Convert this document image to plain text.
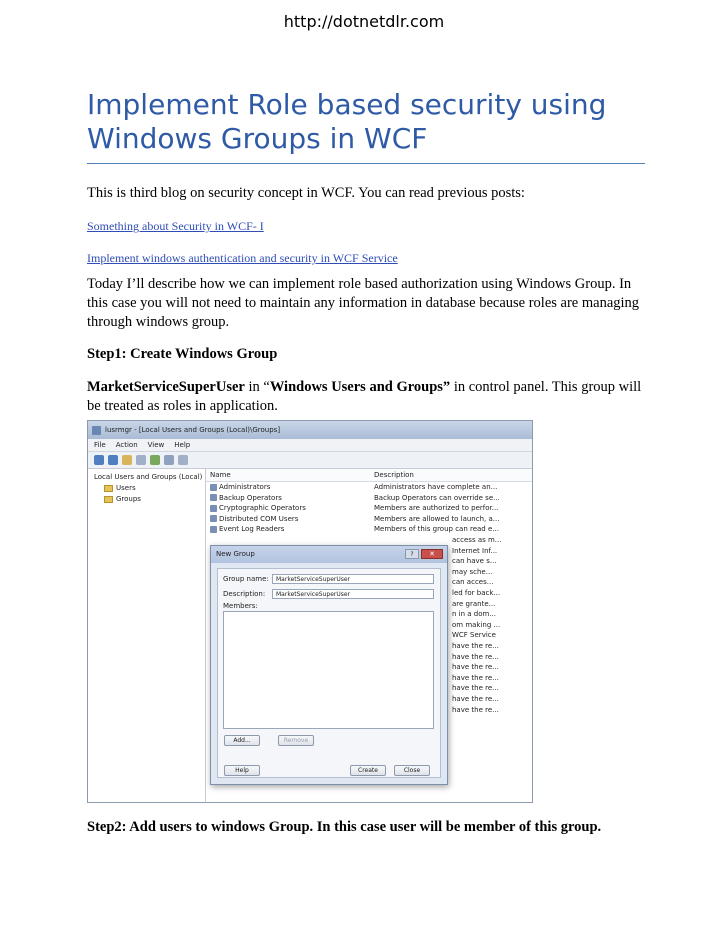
http://dotnetdlr.com
Implement Role based security using Windows Groups in WCF

This is third blog on security concept in WCF. You can read previous posts:

Something about Security in WCF- I

Implement windows authentication and security in WCF Service

Today I’ll describe how we can implement role based authorization using Windows Group. In this case you will not need to maintain any information in database because roles are managing through windows group.

Step1: Create Windows Group

MarketServiceSuperUser in “Windows Users and Groups” in control panel. This group will be treated as roles in application.

lusrmgr - [Local Users and Groups (Local)\Groups]
File Action View Help
Local Users and Groups (Local)
Users
Groups
Name	Description
Administrators	Administrators have complete an...
Backup Operators	Backup Operators can override se...
Cryptographic Operators	Members are authorized to perfor...
Distributed COM Users	Members are allowed to launch, a...
Event Log Readers	Members of this group can read e...
access as m...
Internet Inf...
can have s...
may sche...
can acces...
led for back...
are grante...
n in a dom...
om making ...
WCF Service
have the re...
have the re...
have the re...
have the re...
have the re...
have the re...
have the re...
New Group	?	✕
Group name:	MarketServiceSuperUser
Description:	MarketServiceSuperUser
Members:
Add...	Remove
Help	Create	Close

Step2: Add users to windows Group. In this case user will be member of this group.
